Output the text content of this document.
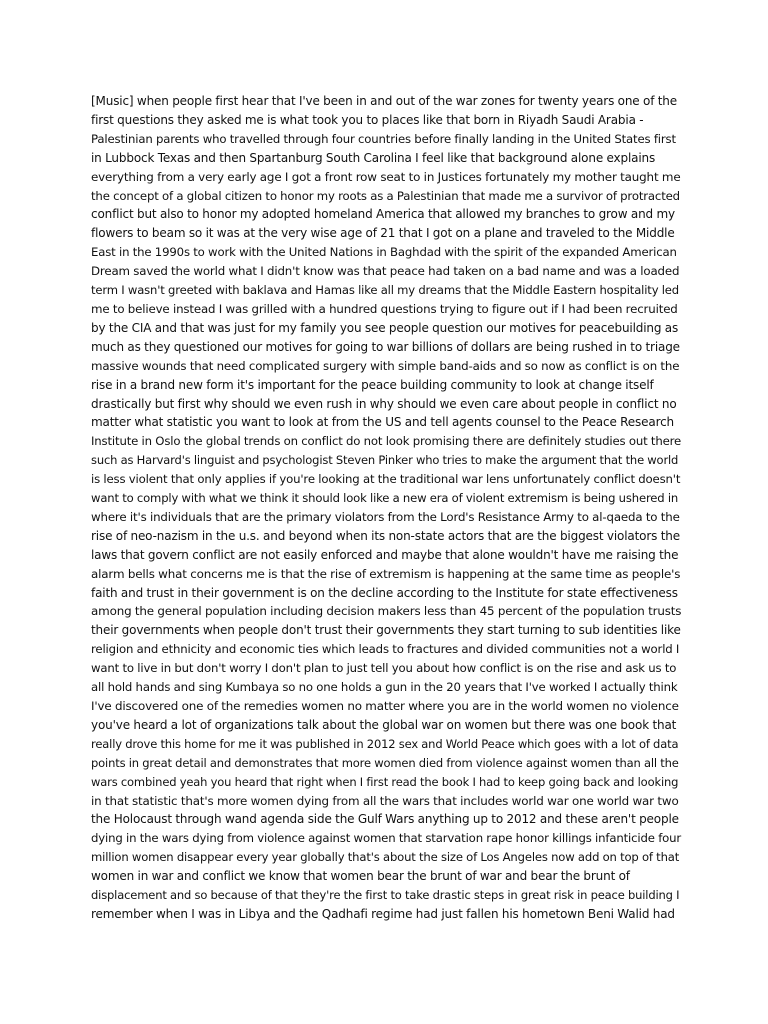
[Music] when people first hear that I've been in and out of the war zones for twenty years one of the
first questions they asked me is what took you to places like that born in Riyadh Saudi Arabia -
Palestinian parents who travelled through four countries before finally landing in the United States first
in Lubbock Texas and then Spartanburg South Carolina I feel like that background alone explains
everything from a very early age I got a front row seat to in Justices fortunately my mother taught me
the concept of a global citizen to honor my roots as a Palestinian that made me a survivor of protracted
conflict but also to honor my adopted homeland America that allowed my branches to grow and my
flowers to beam so it was at the very wise age of 21 that I got on a plane and traveled to the Middle
East in the 1990s to work with the United Nations in Baghdad with the spirit of the expanded American
Dream saved the world what I didn't know was that peace had taken on a bad name and was a loaded
term I wasn't greeted with baklava and Hamas like all my dreams that the Middle Eastern hospitality led
me to believe instead I was grilled with a hundred questions trying to figure out if I had been recruited
by the CIA and that was just for my family you see people question our motives for peacebuilding as
much as they questioned our motives for going to war billions of dollars are being rushed in to triage
massive wounds that need complicated surgery with simple band-aids and so now as conflict is on the
rise in a brand new form it's important for the peace building community to look at change itself
drastically but first why should we even rush in why should we even care about people in conflict no
matter what statistic you want to look at from the US and tell agents counsel to the Peace Research
Institute in Oslo the global trends on conflict do not look promising there are definitely studies out there
such as Harvard's linguist and psychologist Steven Pinker who tries to make the argument that the world
is less violent that only applies if you're looking at the traditional war lens unfortunately conflict doesn't
want to comply with what we think it should look like a new era of violent extremism is being ushered in
where it's individuals that are the primary violators from the Lord's Resistance Army to al-qaeda to the
rise of neo-nazism in the u.s. and beyond when its non-state actors that are the biggest violators the
laws that govern conflict are not easily enforced and maybe that alone wouldn't have me raising the
alarm bells what concerns me is that the rise of extremism is happening at the same time as people's
faith and trust in their government is on the decline according to the Institute for state effectiveness
among the general population including decision makers less than 45 percent of the population trusts
their governments when people don't trust their governments they start turning to sub identities like
religion and ethnicity and economic ties which leads to fractures and divided communities not a world I
want to live in but don't worry I don't plan to just tell you about how conflict is on the rise and ask us to
all hold hands and sing Kumbaya so no one holds a gun in the 20 years that I've worked I actually think
I've discovered one of the remedies women no matter where you are in the world women no violence
you've heard a lot of organizations talk about the global war on women but there was one book that
really drove this home for me it was published in 2012 sex and World Peace which goes with a lot of data
points in great detail and demonstrates that more women died from violence against women than all the
wars combined yeah you heard that right when I first read the book I had to keep going back and looking
in that statistic that's more women dying from all the wars that includes world war one world war two
the Holocaust through wand agenda side the Gulf Wars anything up to 2012 and these aren't people
dying in the wars dying from violence against women that starvation rape honor killings infanticide four
million women disappear every year globally that's about the size of Los Angeles now add on top of that
women in war and conflict we know that women bear the brunt of war and bear the brunt of
displacement and so because of that they're the first to take drastic steps in great risk in peace building I
remember when I was in Libya and the Qadhafi regime had just fallen his hometown Beni Walid had
